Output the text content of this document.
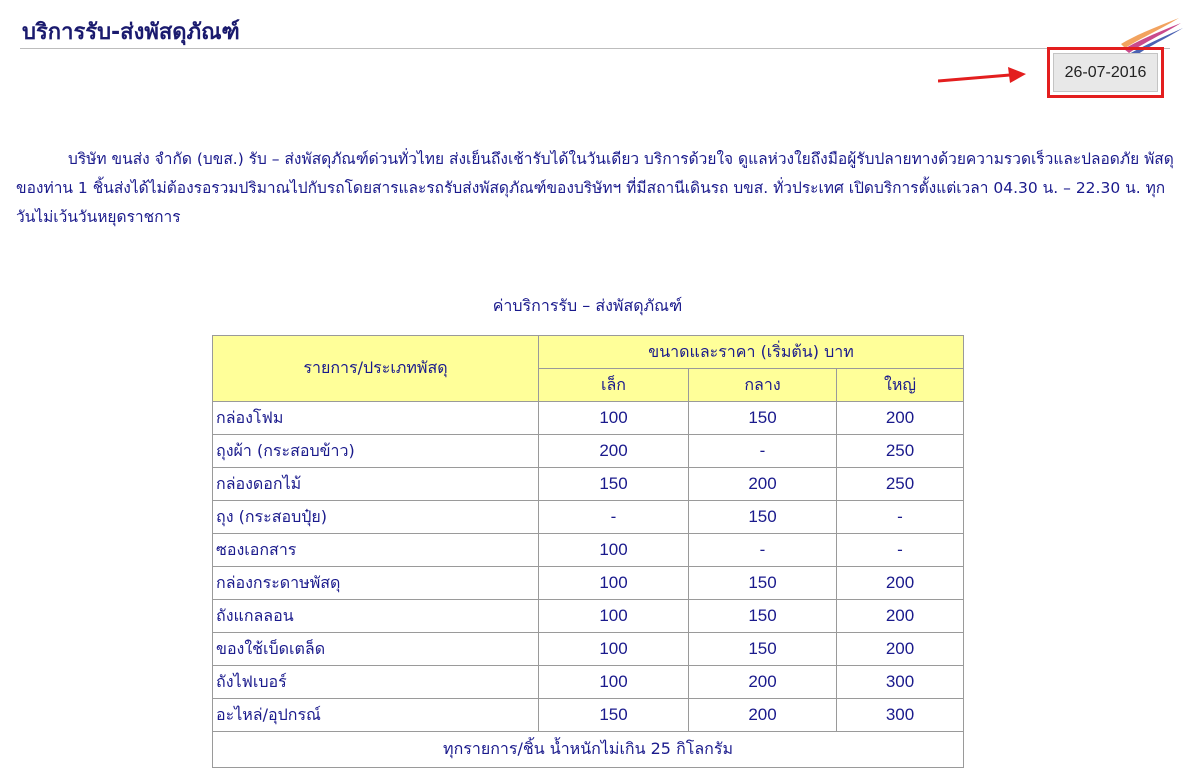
บริการรับ-ส่งพัสดุภัณฑ์
26-07-2016

บริษัท ขนส่ง จำกัด (บขส.) รับ – ส่งพัสดุภัณฑ์ด่วนทั่วไทย ส่งเย็นถึงเช้ารับได้ในวันเดียว บริการด้วยใจ ดูแลห่วงใยถึงมือผู้รับปลายทางด้วยความรวดเร็วและปลอดภัย พัสดุของท่าน 1 ชิ้นส่งได้ไม่ต้องรอรวมปริมาณไปกับรถโดยสารและรถรับส่งพัสดุภัณฑ์ของบริษัทฯ ที่มีสถานีเดินรถ บขส. ทั่วประเทศ เปิดบริการตั้งแต่เวลา 04.30 น. – 22.30 น. ทุกวันไม่เว้นวันหยุดราชการ

ค่าบริการรับ – ส่งพัสดุภัณฑ์

รายการ/ประเภทพัสดุ	ขนาดและราคา (เริ่มต้น) บาท		
	เล็ก	กลาง	ใหญ่
กล่องโฟม	100	150	200
ถุงผ้า (กระสอบข้าว)	200	-	250
กล่องดอกไม้	150	200	250
ถุง (กระสอบปุ๋ย)	-	150	-
ซองเอกสาร	100	-	-
กล่องกระดาษพัสดุ	100	150	200
ถังแกลลอน	100	150	200
ของใช้เบ็ดเตล็ด	100	150	200
ถังไฟเบอร์	100	200	300
อะไหล่/อุปกรณ์	150	200	300
ทุกรายการ/ชิ้น น้ำหนักไม่เกิน 25 กิโลกรัม			
